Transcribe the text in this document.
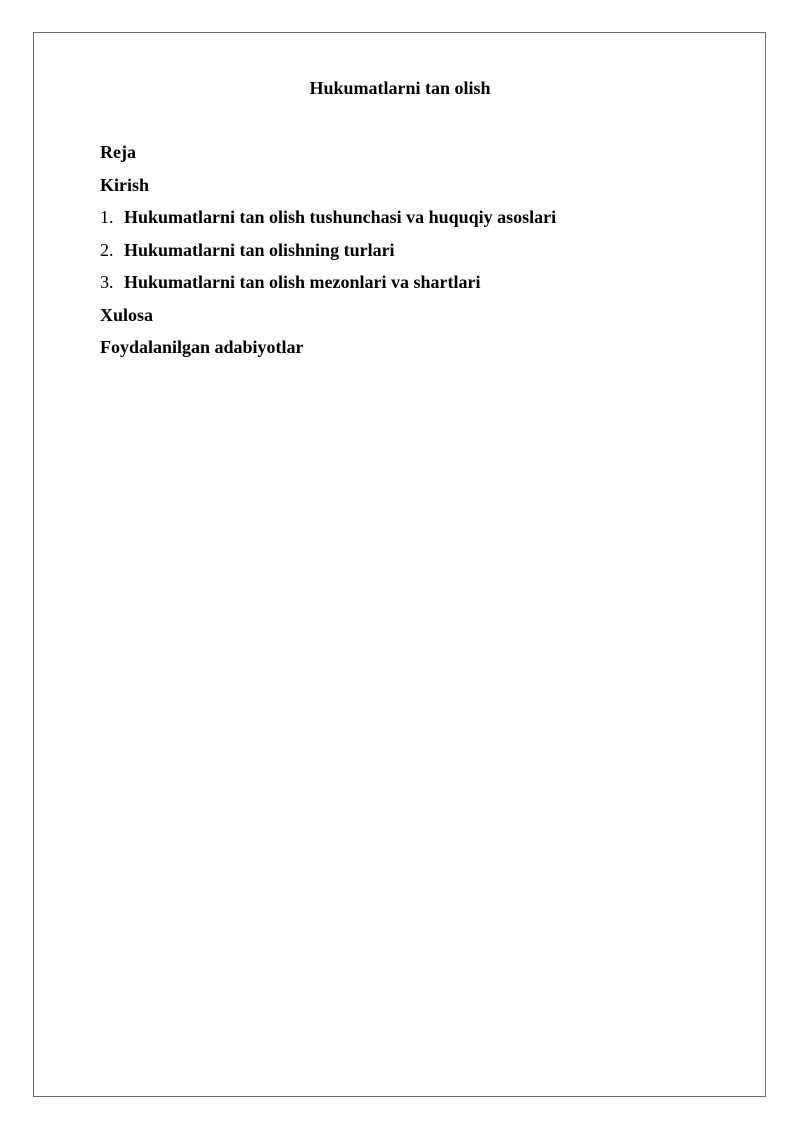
Hukumatlarni tan olish
Reja
Kirish
1. Hukumatlarni tan olish tushunchasi va huquqiy asoslari
2. Hukumatlarni tan olishning turlari
3. Hukumatlarni tan olish mezonlari va shartlari
Xulosa
Foydalanilgan adabiyotlar
